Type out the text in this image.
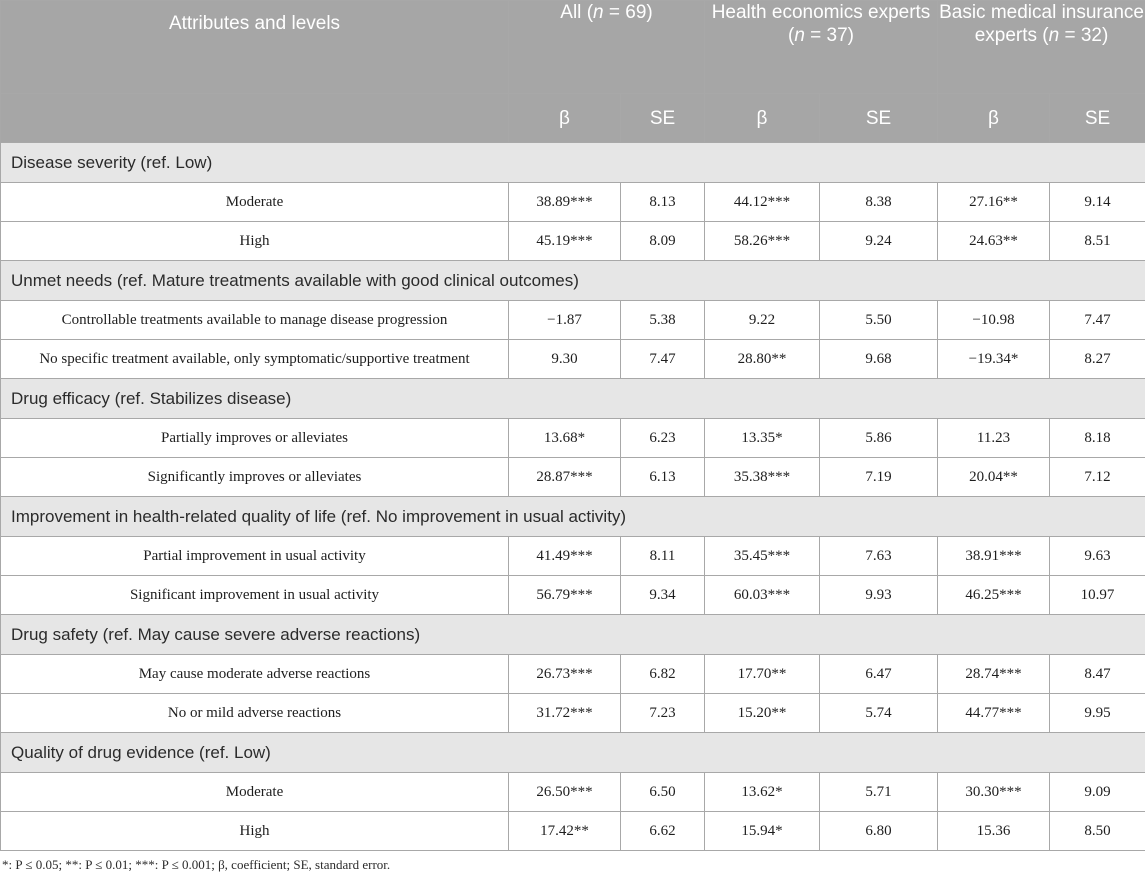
Attributes and levels	All (n = 69)		Health economics experts (n = 37)		Basic medical insurance experts (n = 32)	
	β	SE	β	SE	β	SE
Disease severity (ref. Low)						
Moderate	38.89***	8.13	44.12***	8.38	27.16**	9.14
High	45.19***	8.09	58.26***	9.24	24.63**	8.51
Unmet needs (ref. Mature treatments available with good clinical outcomes)						
Controllable treatments available to manage disease progression	−1.87	5.38	9.22	5.50	−10.98	7.47
No specific treatment available, only symptomatic/supportive treatment	9.30	7.47	28.80**	9.68	−19.34*	8.27
Drug efficacy (ref. Stabilizes disease)						
Partially improves or alleviates	13.68*	6.23	13.35*	5.86	11.23	8.18
Significantly improves or alleviates	28.87***	6.13	35.38***	7.19	20.04**	7.12
Improvement in health-related quality of life (ref. No improvement in usual activity)						
Partial improvement in usual activity	41.49***	8.11	35.45***	7.63	38.91***	9.63
Significant improvement in usual activity	56.79***	9.34	60.03***	9.93	46.25***	10.97
Drug safety (ref. May cause severe adverse reactions)						
May cause moderate adverse reactions	26.73***	6.82	17.70**	6.47	28.74***	8.47
No or mild adverse reactions	31.72***	7.23	15.20**	5.74	44.77***	9.95
Quality of drug evidence (ref. Low)						
Moderate	26.50***	6.50	13.62*	5.71	30.30***	9.09
High	17.42**	6.62	15.94*	6.80	15.36	8.50
*: P ≤ 0.05; **: P ≤ 0.01; ***: P ≤ 0.001; β, coefficient; SE, standard error.
